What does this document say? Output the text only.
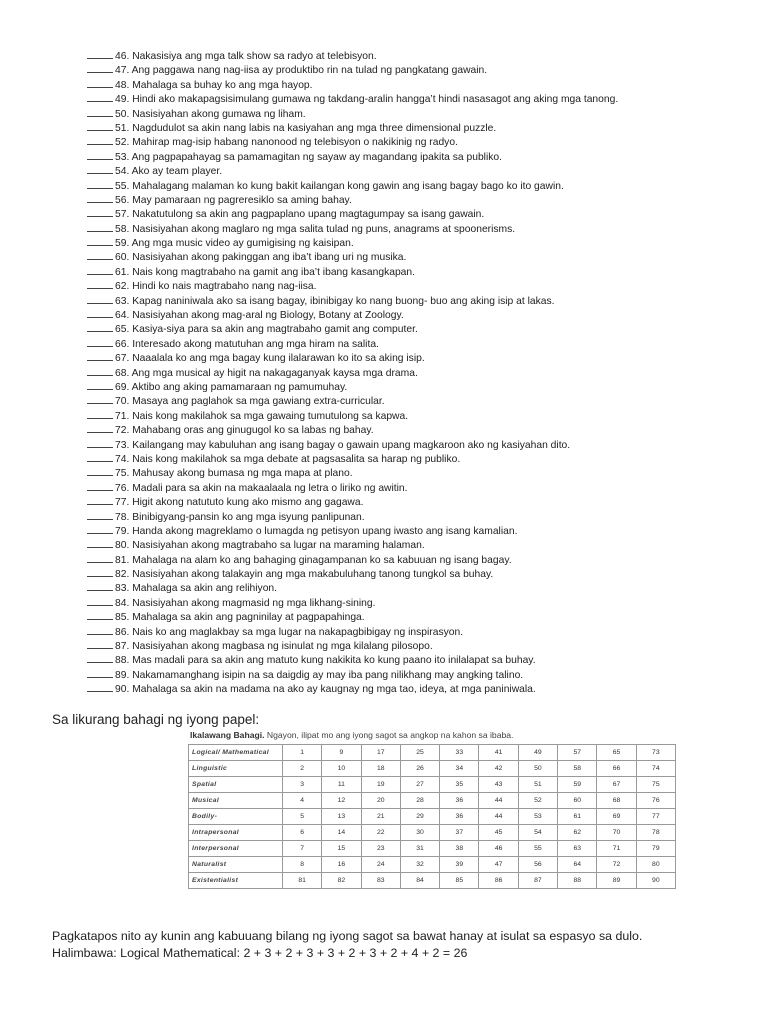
46. Nakasisiya ang mga talk show sa radyo at telebisyon.
47. Ang paggawa nang nag-iisa ay produktibo rin na tulad ng pangkatang gawain.
48. Mahalaga sa buhay ko ang mga hayop.
49. Hindi ako makapagsisimulang gumawa ng takdang-aralin hangga’t hindi nasasagot ang aking mga tanong.
50. Nasisiyahan akong gumawa ng liham.
51. Nagdudulot sa akin nang labis na kasiyahan ang mga three dimensional puzzle.
52. Mahirap mag-isip habang nanonood ng telebisyon o nakikinig ng radyo.
53. Ang pagpapahayag sa pamamagitan ng sayaw ay magandang ipakita sa publiko.
54. Ako ay team player.
55. Mahalagang malaman ko kung bakit kailangan kong gawin ang isang bagay bago ko ito gawin.
56. May pamaraan ng pagreresiklo sa aming bahay.
57. Nakatutulong sa akin ang pagpaplano upang magtagumpay sa isang gawain.
58. Nasisiyahan akong maglaro ng mga salita tulad ng puns, anagrams at spoonerisms.
59. Ang mga music video ay gumigising ng kaisipan.
60. Nasisiyahan akong pakinggan ang iba’t ibang uri ng musika.
61. Nais kong magtrabaho na gamit ang iba’t ibang kasangkapan.
62. Hindi ko nais magtrabaho nang nag-iisa.
63. Kapag naniniwala ako sa isang bagay, ibinibigay ko nang buong- buo ang aking isip at lakas.
64. Nasisiyahan akong mag-aral ng Biology, Botany at Zoology.
65. Kasiya-siya para sa akin ang magtrabaho gamit ang computer.
66. Interesado akong matutuhan ang mga hiram na salita.
67. Naaalala ko ang mga bagay kung ilalarawan ko ito sa aking isip.
68. Ang mga musical ay higit na nakagaganyak kaysa mga drama.
69. Aktibo ang aking pamamaraan ng pamumuhay.
70. Masaya ang paglahok sa mga gawiang extra-curricular.
71. Nais kong makilahok sa mga gawaing tumutulong sa kapwa.
72. Mahabang oras ang ginugugol ko sa labas ng bahay.
73. Kailangang may kabuluhan ang isang bagay o gawain upang magkaroon ako ng kasiyahan dito.
74. Nais kong makilahok sa mga debate at pagsasalita sa harap ng publiko.
75. Mahusay akong bumasa ng mga mapa at plano.
76. Madali para sa akin na makaalaala ng letra o liriko ng awitin.
77. Higit akong natututo kung ako mismo ang gagawa.
78. Binibigyang-pansin ko ang mga isyung panlipunan.
79. Handa akong magreklamo o lumagda ng petisyon upang iwasto ang isang kamalian.
80. Nasisiyahan akong magtrabaho sa lugar na maraming halaman.
81. Mahalaga na alam ko ang bahaging ginagampanan ko sa kabuuan ng isang bagay.
82. Nasisiyahan akong talakayin ang mga makabuluhang tanong tungkol sa buhay.
83. Mahalaga sa akin ang relihiyon.
84. Nasisiyahan akong magmasid ng mga likhang-sining.
85. Mahalaga sa akin ang pagninilay at pagpapahinga.
86. Nais ko ang maglakbay sa mga lugar na nakapagbibigay ng inspirasyon.
87. Nasisiyahan akong magbasa ng isinulat ng mga kilalang pilosopo.
88. Mas madali para sa akin ang matuto kung nakikita ko kung paano ito inilalapat sa buhay.
89. Nakamamanghang isipin na sa daigdig ay may iba pang nilikhang may angking talino.
90. Mahalaga sa akin na madama na ako ay kaugnay ng mga tao, ideya, at mga paniniwala.
Sa likurang bahagi ng iyong papel:
Ikalawang Bahagi. Ngayon, ilipat mo ang iyong sagot sa angkop na kahon sa ibaba.
Logical/ Mathematical	1	9	17	25	33	41	49	57	65	73
Linguistic	2	10	18	26	34	42	50	58	66	74
Spatial	3	11	19	27	35	43	51	59	67	75
Musical	4	12	20	28	36	44	52	60	68	76
Bodily-	5	13	21	29	36	44	53	61	69	77
Intrapersonal	6	14	22	30	37	45	54	62	70	78
Interpersonal	7	15	23	31	38	46	55	63	71	79
Naturalist	8	16	24	32	39	47	56	64	72	80
Existentialist	81	82	83	84	85	86	87	88	89	90
Pagkatapos nito ay kunin ang kabuuang bilang ng iyong sagot sa bawat hanay at isulat sa espasyo sa dulo.
Halimbawa: Logical Mathematical: 2 + 3 + 2 + 3 + 3 + 2 + 3 + 2 + 4 + 2 = 26
